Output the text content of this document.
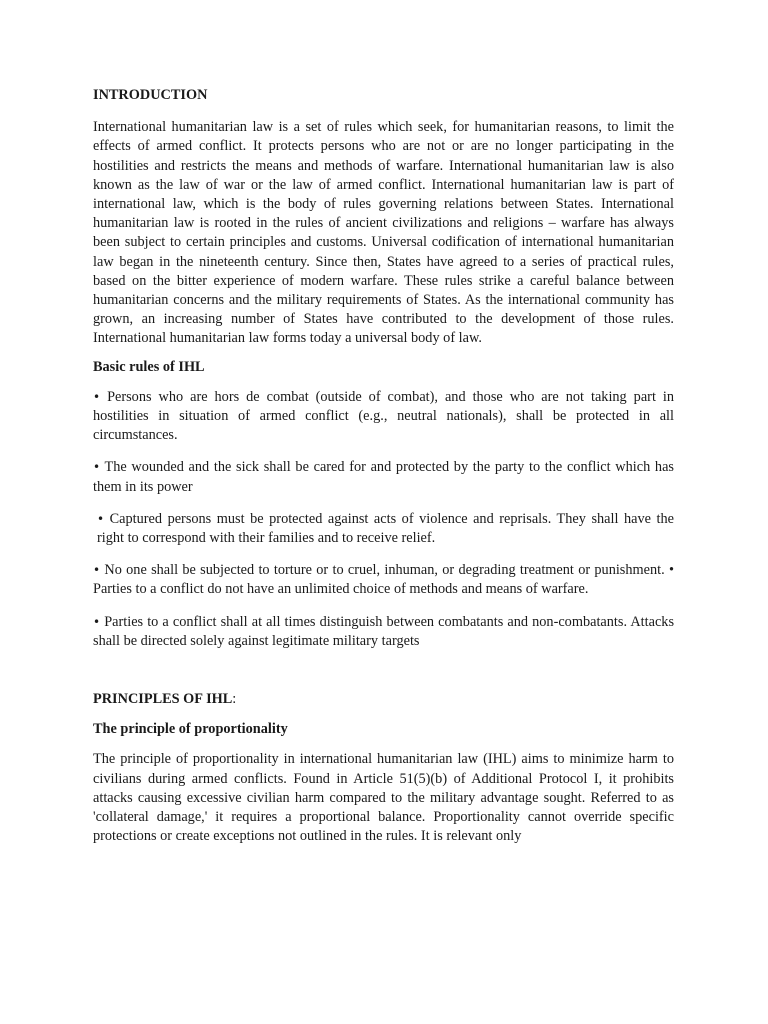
INTRODUCTION

International humanitarian law is a set of rules which seek, for humanitarian reasons, to limit the effects of armed conflict. It protects persons who are not or are no longer participating in the hostilities and restricts the means and methods of warfare. International humanitarian law is also known as the law of war or the law of armed conflict. International humanitarian law is part of international law, which is the body of rules governing relations between States. International humanitarian law is rooted in the rules of ancient civilizations and religions – warfare has always been subject to certain principles and customs. Universal codification of international humanitarian law began in the nineteenth century. Since then, States have agreed to a series of practical rules, based on the bitter experience of modern warfare. These rules strike a careful balance between humanitarian concerns and the military requirements of States. As the international community has grown, an increasing number of States have contributed to the development of those rules. International humanitarian law forms today a universal body of law.

Basic rules of IHL

• Persons who are hors de combat (outside of combat), and those who are not taking part in hostilities in situation of armed conflict (e.g., neutral nationals), shall be protected in all circumstances.

• The wounded and the sick shall be cared for and protected by the party to the conflict which has them in its power

• Captured persons must be protected against acts of violence and reprisals. They shall have the right to correspond with their families and to receive relief.

• No one shall be subjected to torture or to cruel, inhuman, or degrading treatment or punishment. • Parties to a conflict do not have an unlimited choice of methods and means of warfare.

• Parties to a conflict shall at all times distinguish between combatants and non-combatants. Attacks shall be directed solely against legitimate military targets

PRINCIPLES OF IHL:

The principle of proportionality

The principle of proportionality in international humanitarian law (IHL) aims to minimize harm to civilians during armed conflicts. Found in Article 51(5)(b) of Additional Protocol I, it prohibits attacks causing excessive civilian harm compared to the military advantage sought. Referred to as 'collateral damage,' it requires a proportional balance. Proportionality cannot override specific protections or create exceptions not outlined in the rules. It is relevant only
